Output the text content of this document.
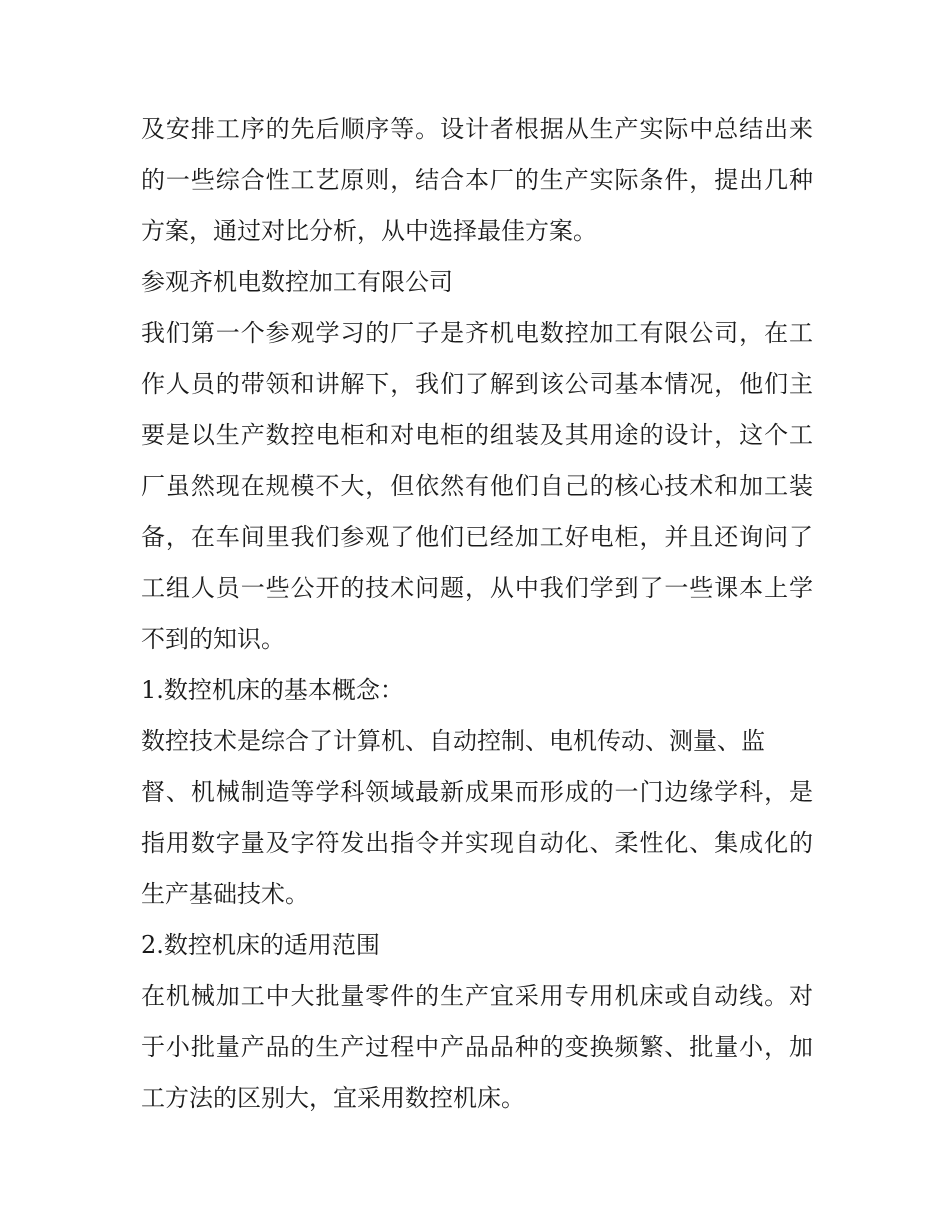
及安排工序的先后顺序等。设计者根据从生产实际中总结出来
的一些综合性工艺原则，结合本厂的生产实际条件，提出几种
方案，通过对比分析，从中选择最佳方案。
参观齐机电数控加工有限公司
我们第一个参观学习的厂子是齐机电数控加工有限公司，在工
作人员的带领和讲解下，我们了解到该公司基本情况，他们主
要是以生产数控电柜和对电柜的组装及其用途的设计，这个工
厂虽然现在规模不大，但依然有他们自己的核心技术和加工装
备，在车间里我们参观了他们已经加工好电柜，并且还询问了
工组人员一些公开的技术问题，从中我们学到了一些课本上学
不到的知识。
1.数控机床的基本概念：
数控技术是综合了计算机、自动控制、电机传动、测量、监
督、机械制造等学科领域最新成果而形成的一门边缘学科，是
指用数字量及字符发出指令并实现自动化、柔性化、集成化的
生产基础技术。
2.数控机床的适用范围
在机械加工中大批量零件的生产宜采用专用机床或自动线。对
于小批量产品的生产过程中产品品种的变换频繁、批量小，加
工方法的区别大，宜采用数控机床。
